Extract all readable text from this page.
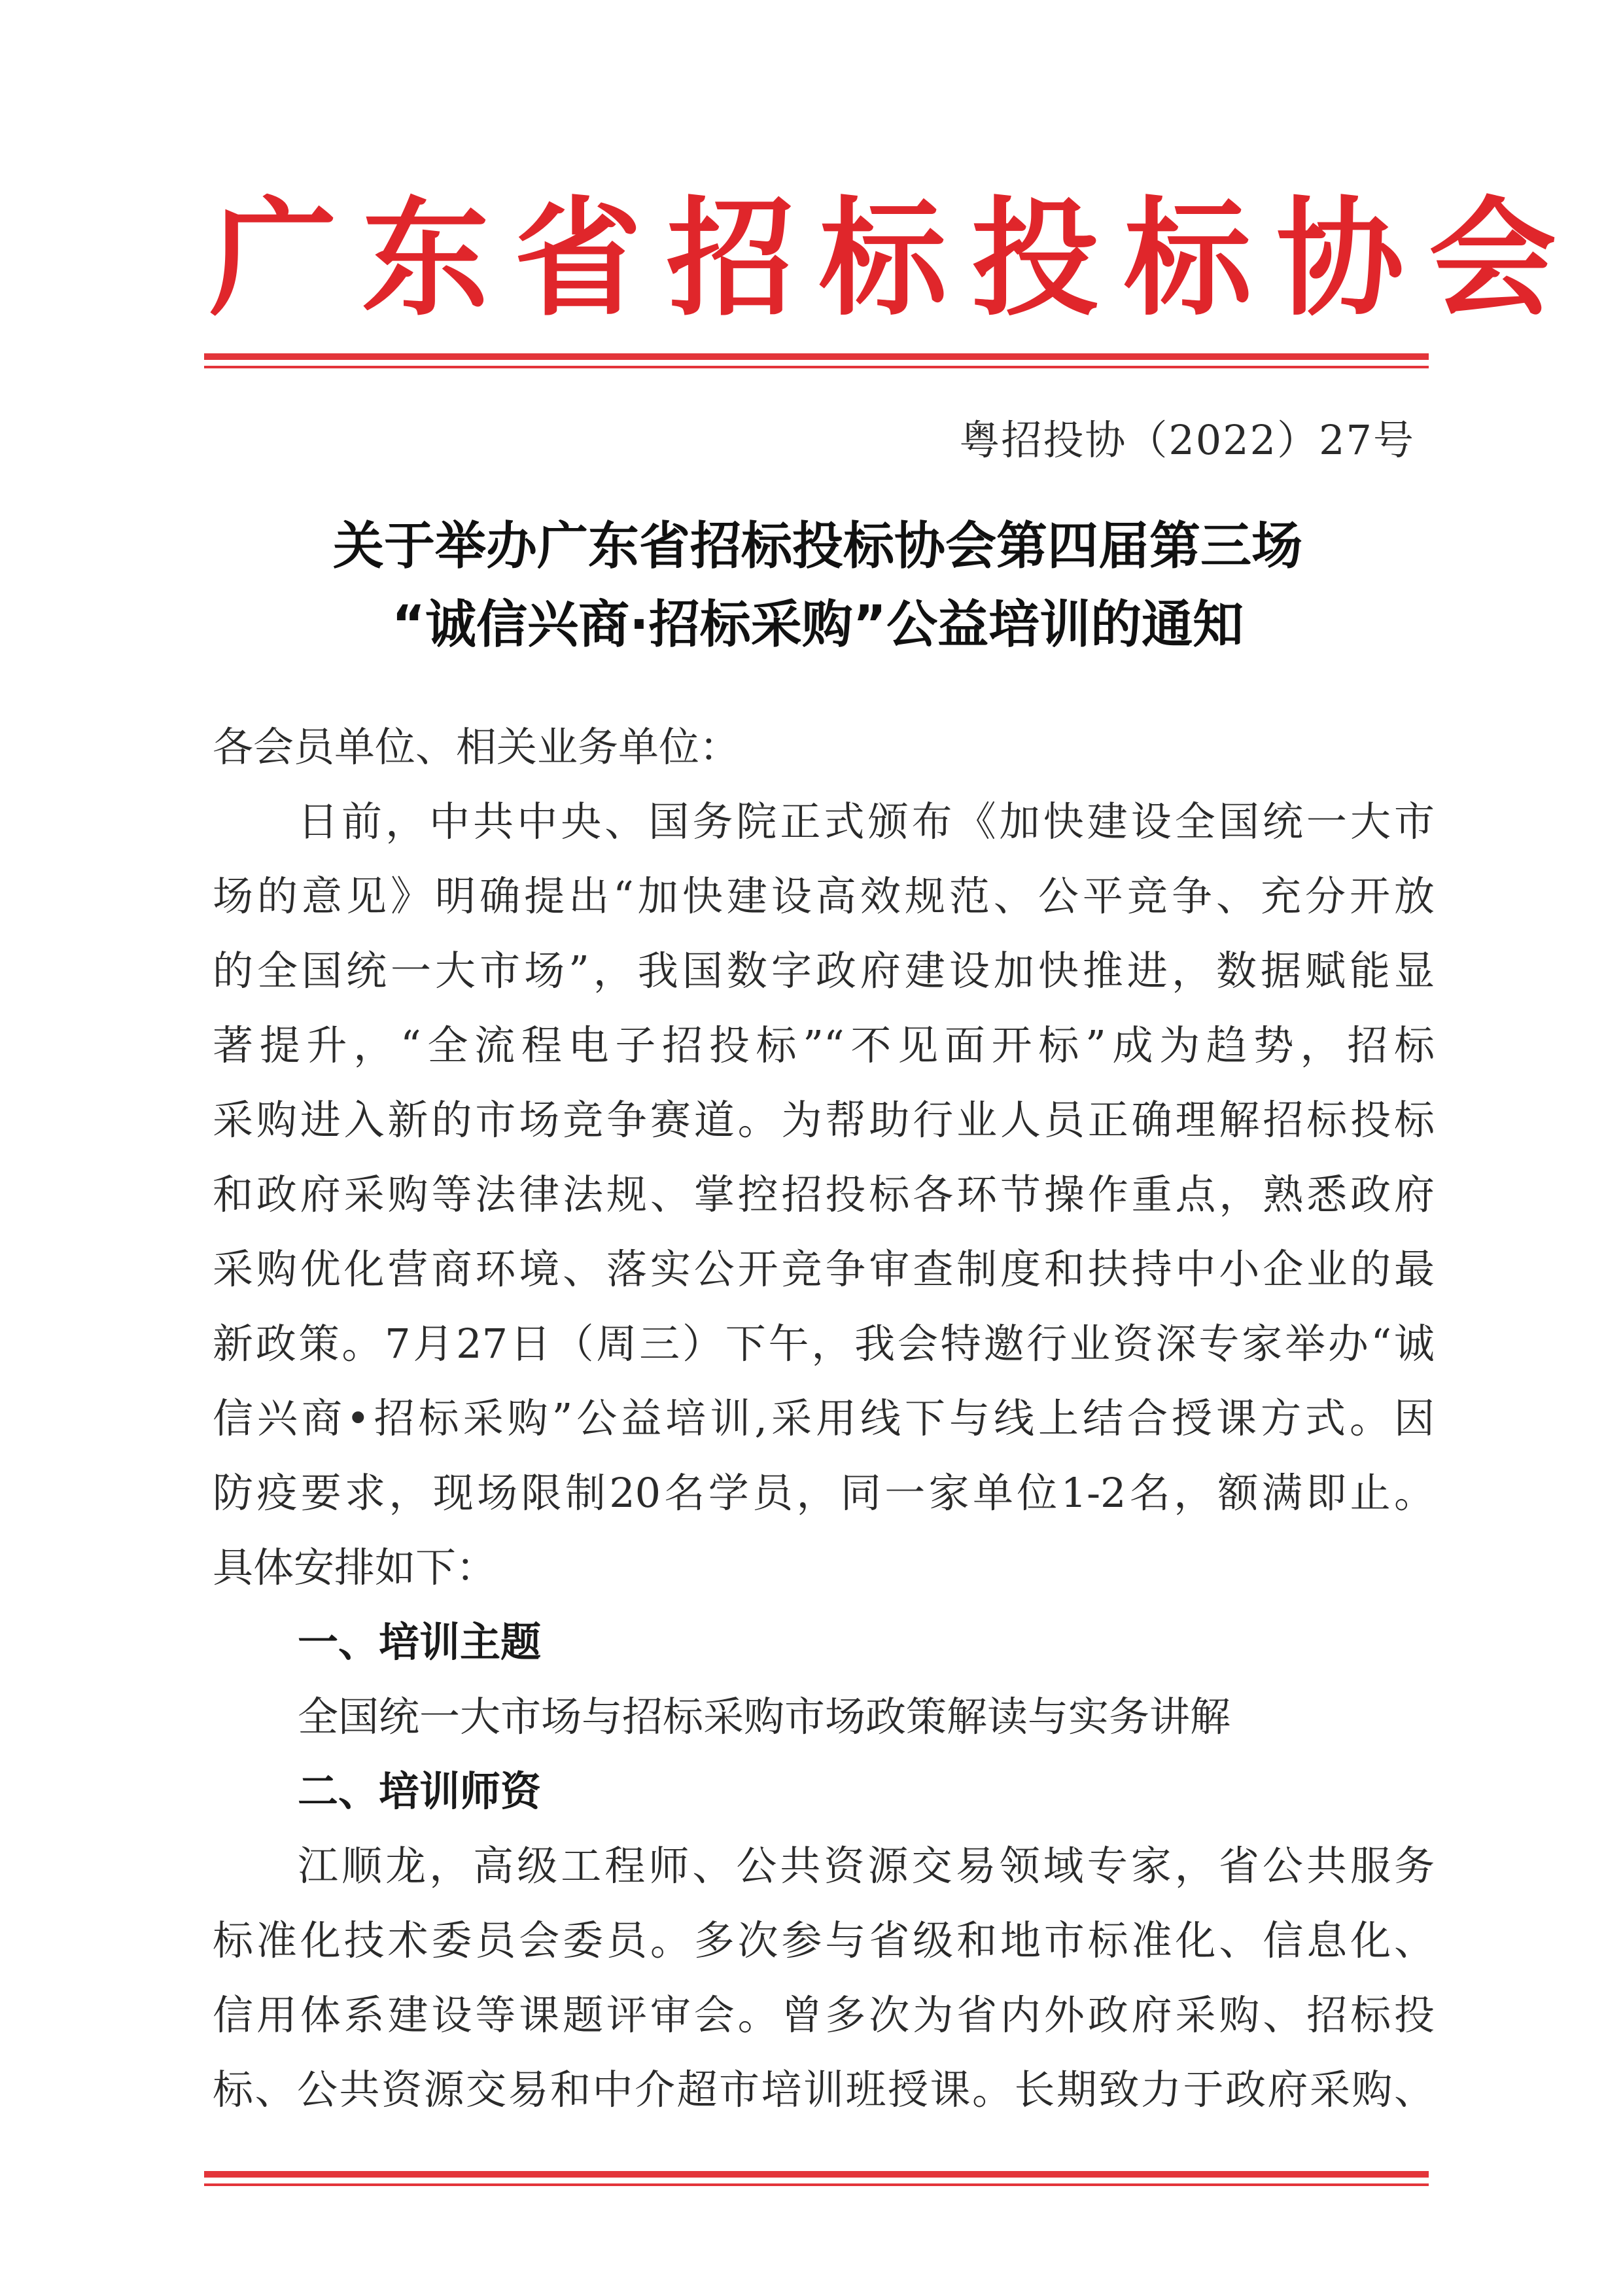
广东省招标投标协会
粤招投协（2022）27号
关于举办广东省招标投标协会第四届第三场
“诚信兴商·招标采购”公益培训的通知
各会员单位、相关业务单位：
日前，中共中央、国务院正式颁布《加快建设全国统一大市
场的意见》明确提出“加快建设高效规范、公平竞争、充分开放
的全国统一大市场”，我国数字政府建设加快推进，数据赋能显
著提升，“全流程电子招投标”“不见面开标”成为趋势，招标
采购进入新的市场竞争赛道。为帮助行业人员正确理解招标投标
和政府采购等法律法规、掌控招投标各环节操作重点，熟悉政府
采购优化营商环境、落实公开竞争审查制度和扶持中小企业的最
新政策。7月27日（周三）下午，我会特邀行业资深专家举办“诚
信兴商•招标采购”公益培训,采用线下与线上结合授课方式。因
防疫要求，现场限制20名学员，同一家单位1-2名，额满即止。
具体安排如下：
一、培训主题
全国统一大市场与招标采购市场政策解读与实务讲解
二、培训师资
江顺龙，高级工程师、公共资源交易领域专家，省公共服务
标准化技术委员会委员。多次参与省级和地市标准化、信息化、
信用体系建设等课题评审会。曾多次为省内外政府采购、招标投
标、公共资源交易和中介超市培训班授课。长期致力于政府采购、
